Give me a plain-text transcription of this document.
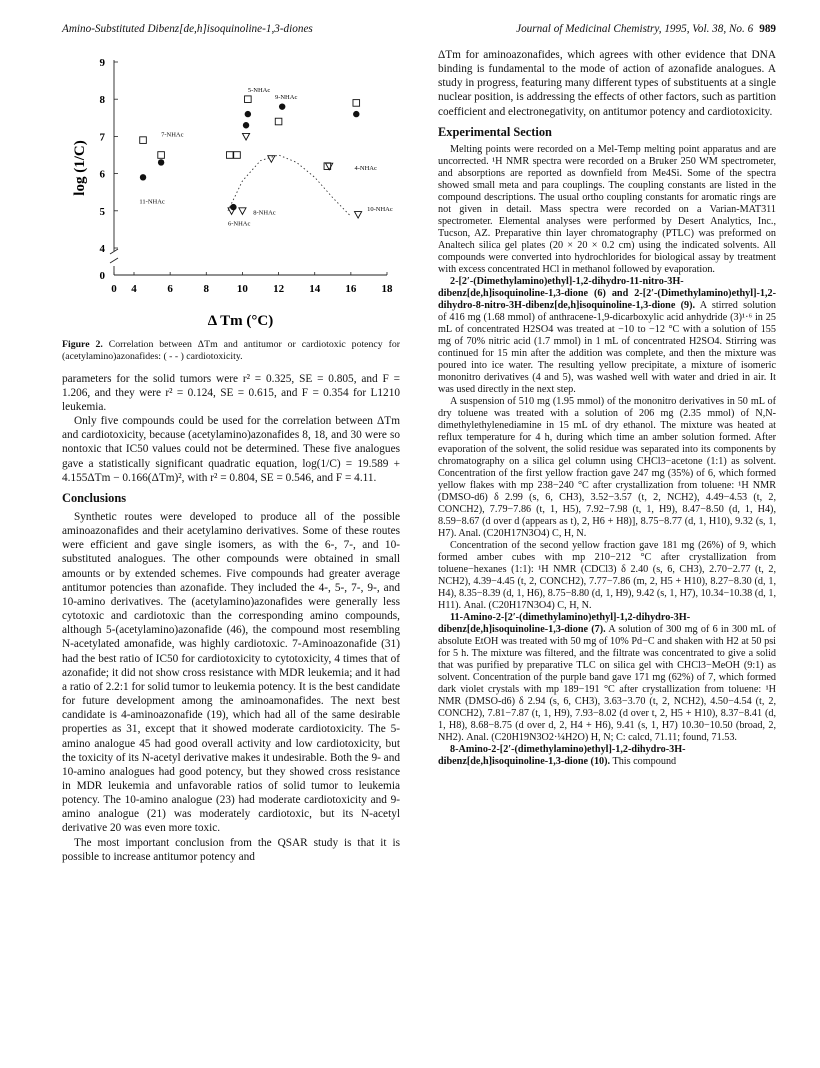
Amino-Substituted Dibenz[de,h]isoquinoline-1,3-diones	Journal of Medicinal Chemistry, 1995, Vol. 38, No. 6 989
0
4
5
6
7
8
9
0 4	6	8	10 12 14 16 18
Δ Tm (°C)
log (1/C)
5-NHAc
9-NHAc
7-NHAc
4-NHAc
11-NHAc
8-NHAc
10-NHAc
6-NHAc

Figure 2. Correlation between ΔTm and antitumor or cardiotoxic potency for (acetylamino)azonafides: ( - - ) cardiotoxicity.

parameters for the solid tumors were r² = 0.325, SE = 0.805, and F = 1.206, and they were r² = 0.124, SE = 0.615, and F = 0.354 for L1210 leukemia.

Only five compounds could be used for the correlation between ΔTm and cardiotoxicity, because (acetylamino)azonafides 8, 18, and 30 were so nontoxic that IC50 values could not be determined. These five analogues gave a statistically significant quadratic equation, log(1/C) = 19.589 + 4.155ΔTm − 0.166(ΔTm)², with r² = 0.804, SE = 0.546, and F = 4.11.

Conclusions

Synthetic routes were developed to produce all of the possible aminoazonafides and their acetylamino derivatives. Some of these routes were efficient and gave single isomers, as with the 6-, 7-, and 10-substituted analogues. The other compounds were obtained in small amounts or by extended schemes. Five compounds had greater average antitumor potencies than azonafide. They included the 4-, 5-, 7-, 9-, and 10-amino derivatives. The (acetylamino)azonafides were generally less cytotoxic and cardiotoxic than the corresponding amino compounds, although 5-(acetylamino)azonafide (46), the compound most resembling N-acetylated amonafide, was highly cardiotoxic. 7-Aminoazonafide (31) had the best ratio of IC50 for cardiotoxicity to cytotoxicity, 4 times that of azonafide; it did not show cross resistance with MDR leukemia; and it had a ratio of 2.2:1 for solid tumor to leukemia potency. It is the best candidate for future development among the aminoamonafides. The next best candidate is 4-aminoazonafide (19), which had all of the same desirable properties as 31, except that it showed moderate cardiotoxicity. The 5-amino analogue 45 had good overall activity and low cardiotoxicity, but the toxicity of its N-acetyl derivative makes it undesirable. Both the 9- and 10-amino analogues had good potency, but they showed cross resistance in MDR leukemia and unfavorable ratios of solid tumor to leukemia potency. The 10-amino analogue (23) had moderate cardiotoxicity and 9-amino analogue (21) was moderately cardiotoxic, but its N-acetyl derivative 20 was even more toxic.

The most important conclusion from the QSAR study is that it is possible to increase antitumor potency and

ΔTm for aminoazonafides, which agrees with other evidence that DNA binding is fundamental to the mode of action of azonafide analogues. A study in progress, featuring many different types of substituents at a single nuclear position, is addressing the effects of other factors, such as partition coefficient and electronegativity, on antitumor potency and cardiotoxicity.

Experimental Section

Melting points were recorded on a Mel-Temp melting point apparatus and are uncorrected. ¹H NMR spectra were recorded on a Bruker 250 WM spectrometer, and absorptions are reported as downfield from Me4Si. Some of the spectra showed small meta and para couplings. The coupling constants are listed in the compound descriptions. The usual ortho coupling constants for aromatic rings are not given in detail. Mass spectra were recorded on a Varian-MAT311 spectrometer. Elemental analyses were performed by Desert Analytics, Inc., Tucson, AZ. Preparative thin layer chromatography (PTLC) was preformed on Analtech silica gel plates (20 × 20 × 0.2 cm) using the indicated solvents. All compounds were converted into hydrochlorides for biological assay by treatment with excess concentrated HCl in methanol followed by evaporation.

2-[2′-(Dimethylamino)ethyl]-1,2-dihydro-11-nitro-3H-dibenz[de,h]isoquinoline-1,3-dione (6) and 2-[2′-(Dimethylamino)ethyl]-1,2-dihydro-8-nitro-3H-dibenz[de,h]isoquinoline-1,3-dione (9). A stirred solution of 416 mg (1.68 mmol) of anthracene-1,9-dicarboxylic acid anhydride (3)¹·⁶ in 25 mL of concentrated H2SO4 was treated at −10 to −12 °C with a solution of 155 mg of 70% nitric acid (1.7 mmol) in 1 mL of concentrated H2SO4. Stirring was continued for 15 min after the addition was complete, and then the mixture was poured into ice water. The resulting yellow precipitate, a mixture of isomeric mononitro derivatives (4 and 5), was washed well with water and dried in air. It was used directly in the next step.

A suspension of 510 mg (1.95 mmol) of the mononitro derivatives in 50 mL of dry toluene was treated with a solution of 206 mg (2.35 mmol) of N,N-dimethylethylenediamine in 15 mL of dry ethanol. The mixture was heated at reflux temperature for 4 h, during which time an amber solution formed. After evaporation of the solvent, the solid residue was separated into its components by chromatography on a silica gel column using CHCl3−acetone (1:1) as solvent. Concentration of the first yellow fraction gave 247 mg (35%) of 6, which formed yellow flakes with mp 238−240 °C after crystallization from toluene: ¹H NMR (DMSO-d6) δ 2.99 (s, 6, CH3), 3.52−3.57 (t, 2, NCH2), 4.49−4.53 (t, 2, CONCH2), 7.79−7.86 (t, 1, H5), 7.92−7.98 (t, 1, H9), 8.47−8.50 (d, 1, H4), 8.59−8.67 (d over d (appears as t), 2, H6 + H8)], 8.75−8.77 (d, 1, H10), 9.32 (s, 1, H7). Anal. (C20H17N3O4) C, H, N.

Concentration of the second yellow fraction gave 181 mg (26%) of 9, which formed amber cubes with mp 210−212 °C after crystallization from toluene−hexanes (1:1): ¹H NMR (CDCl3) δ 2.40 (s, 6, CH3), 2.70−2.77 (t, 2, NCH2), 4.39−4.45 (t, 2, CONCH2), 7.77−7.86 (m, 2, H5 + H10), 8.27−8.30 (d, 1, H4), 8.35−8.39 (d, 1, H6), 8.75−8.80 (d, 1, H9), 9.42 (s, 1, H7), 10.34−10.38 (d, 1, H11). Anal. (C20H17N3O4) C, H, N.

11-Amino-2-[2′-(dimethylamino)ethyl]-1,2-dihydro-3H-dibenz[de,h]isoquinoline-1,3-dione (7). A solution of 300 mg of 6 in 300 mL of absolute EtOH was treated with 50 mg of 10% Pd−C and shaken with H2 at 50 psi for 5 h. The mixture was filtered, and the filtrate was concentrated to give a solid that was purified by preparative TLC on silica gel with CHCl3−MeOH (9:1) as solvent. Concentration of the purple band gave 171 mg (62%) of 7, which formed dark violet crystals with mp 189−191 °C after crystallization from toluene: ¹H NMR (DMSO-d6) δ 2.94 (s, 6, CH3), 3.63−3.70 (t, 2, NCH2), 4.50−4.54 (t, 2, CONCH2), 7.81−7.87 (t, 1, H9), 7.93−8.02 (d over t, 2, H5 + H10), 8.37−8.41 (d, 1, H8), 8.68−8.75 (d over d, 2, H4 + H6), 9.41 (s, 1, H7) 10.30−10.50 (broad, 2, NH2). Anal. (C20H19N3O2·¼H2O) H, N; C: calcd, 71.11; found, 71.53.

8-Amino-2-[2′-(dimethylamino)ethyl]-1,2-dihydro-3H-dibenz[de,h]isoquinoline-1,3-dione (10). This compound
